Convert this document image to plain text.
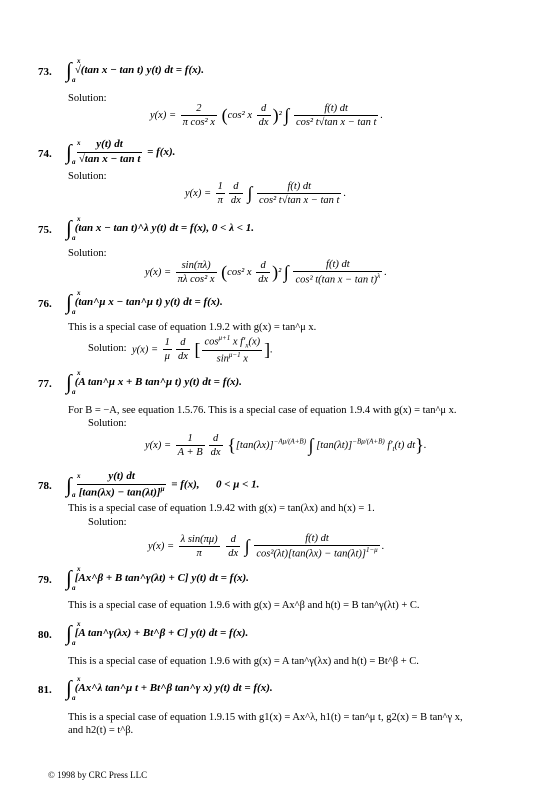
73. ∫ x
a
√(tan x − tan t) y(t) dt = f(x).
Solution:
$y(x) = \frac{2}{\text{π cos² x}} (\cos^2$ x $\frac{d}{dx} )^2$ ∫ $\frac{f(t) dt}{\text{cos² t√tan x − tan t}}$ .
74. ∫ x
a $\frac{y(t) dt}{\text{√tan x − tan t}} = f(x)$.
Solution:
$y(x) = \frac{1}{\pi} \frac{d}{dx}$ ∫ $\frac{f(t) dt}{\text{cos² t√tan x − tan t}}$ .
75. ∫ x
a
(tan x − tan t)^λ y(t) dt = f(x), 0 < λ < 1.
Solution:
$y(x) = \frac{\sin(\pi\lambda)}{\text{πλ cos² x}} (\cos^2$ x $\frac{d}{dx} )^2$ ∫ $\frac{f(t) dt}{\cos^2 t(\tan x - \tan t)^\lambda}$ .
76. ∫ x
a
(tan^μ x − tan^μ t) y(t) dt = f(x).
This is a special case of equation 1.9.2 with g(x) = tan^μ x.
Solution: $y(x) = \frac{1}{\mu} \frac{d}{dx}$ [ $\frac{\cos^{\mu+1} x f'_x(x)}{\sin^{\mu-1} x}$ ].
77. ∫ x
a
(A tan^μ x + B tan^μ t) y(t) dt = f(x).
For B = −A, see equation 1.5.76. This is a special case of equation 1.9.4 with g(x) = tan^μ x.
Solution:
$y(x) = \frac{1}{A + B} \frac{d}{dx} \{[\tan(\lambda x)]^{-A\mu/(A+B)}$ ∫ $[\tan(\lambda t)]^{-B\mu/(A+B)}$ $f'_t(t)$ dt}.
78. ∫ x
a $\frac{y(t) dt}{[\tan(\lambda x) - \tan(\lambda t)]^\mu} = f(x)$,      0 < μ < 1.
This is a special case of equation 1.9.42 with g(x) = tan(λx) and h(x) = 1.
Solution:
$y(x) = \frac{\text{λ sin(πμ)}}{\pi}$
$\frac{d}{dx}$ ∫ $\frac{f(t) dt}{\cos^2(\lambda t)[\tan(\lambda x) - \tan(\lambda t)]^{1-\mu}}$ .
79. ∫ x
a
[Ax^β + B tan^γ(λt) + C] y(t) dt = f(x).
This is a special case of equation 1.9.6 with g(x) = Ax^β and h(t) = B tan^γ(λt) + C.
80. ∫ x
a
[A tan^γ(λx) + Bt^β + C] y(t) dt = f(x).
This is a special case of equation 1.9.6 with g(x) = A tan^γ(λx) and h(t) = Bt^β + C.
81. ∫ x
a
(Ax^λ tan^μ t + Bt^β tan^γ x) y(t) dt = f(x).
This is a special case of equation 1.9.15 with g1(x) = Ax^λ, h1(t) = tan^μ t, g2(x) = B tan^γ x,
and h2(t) = t^β.
© 1998 by CRC Press LLC
